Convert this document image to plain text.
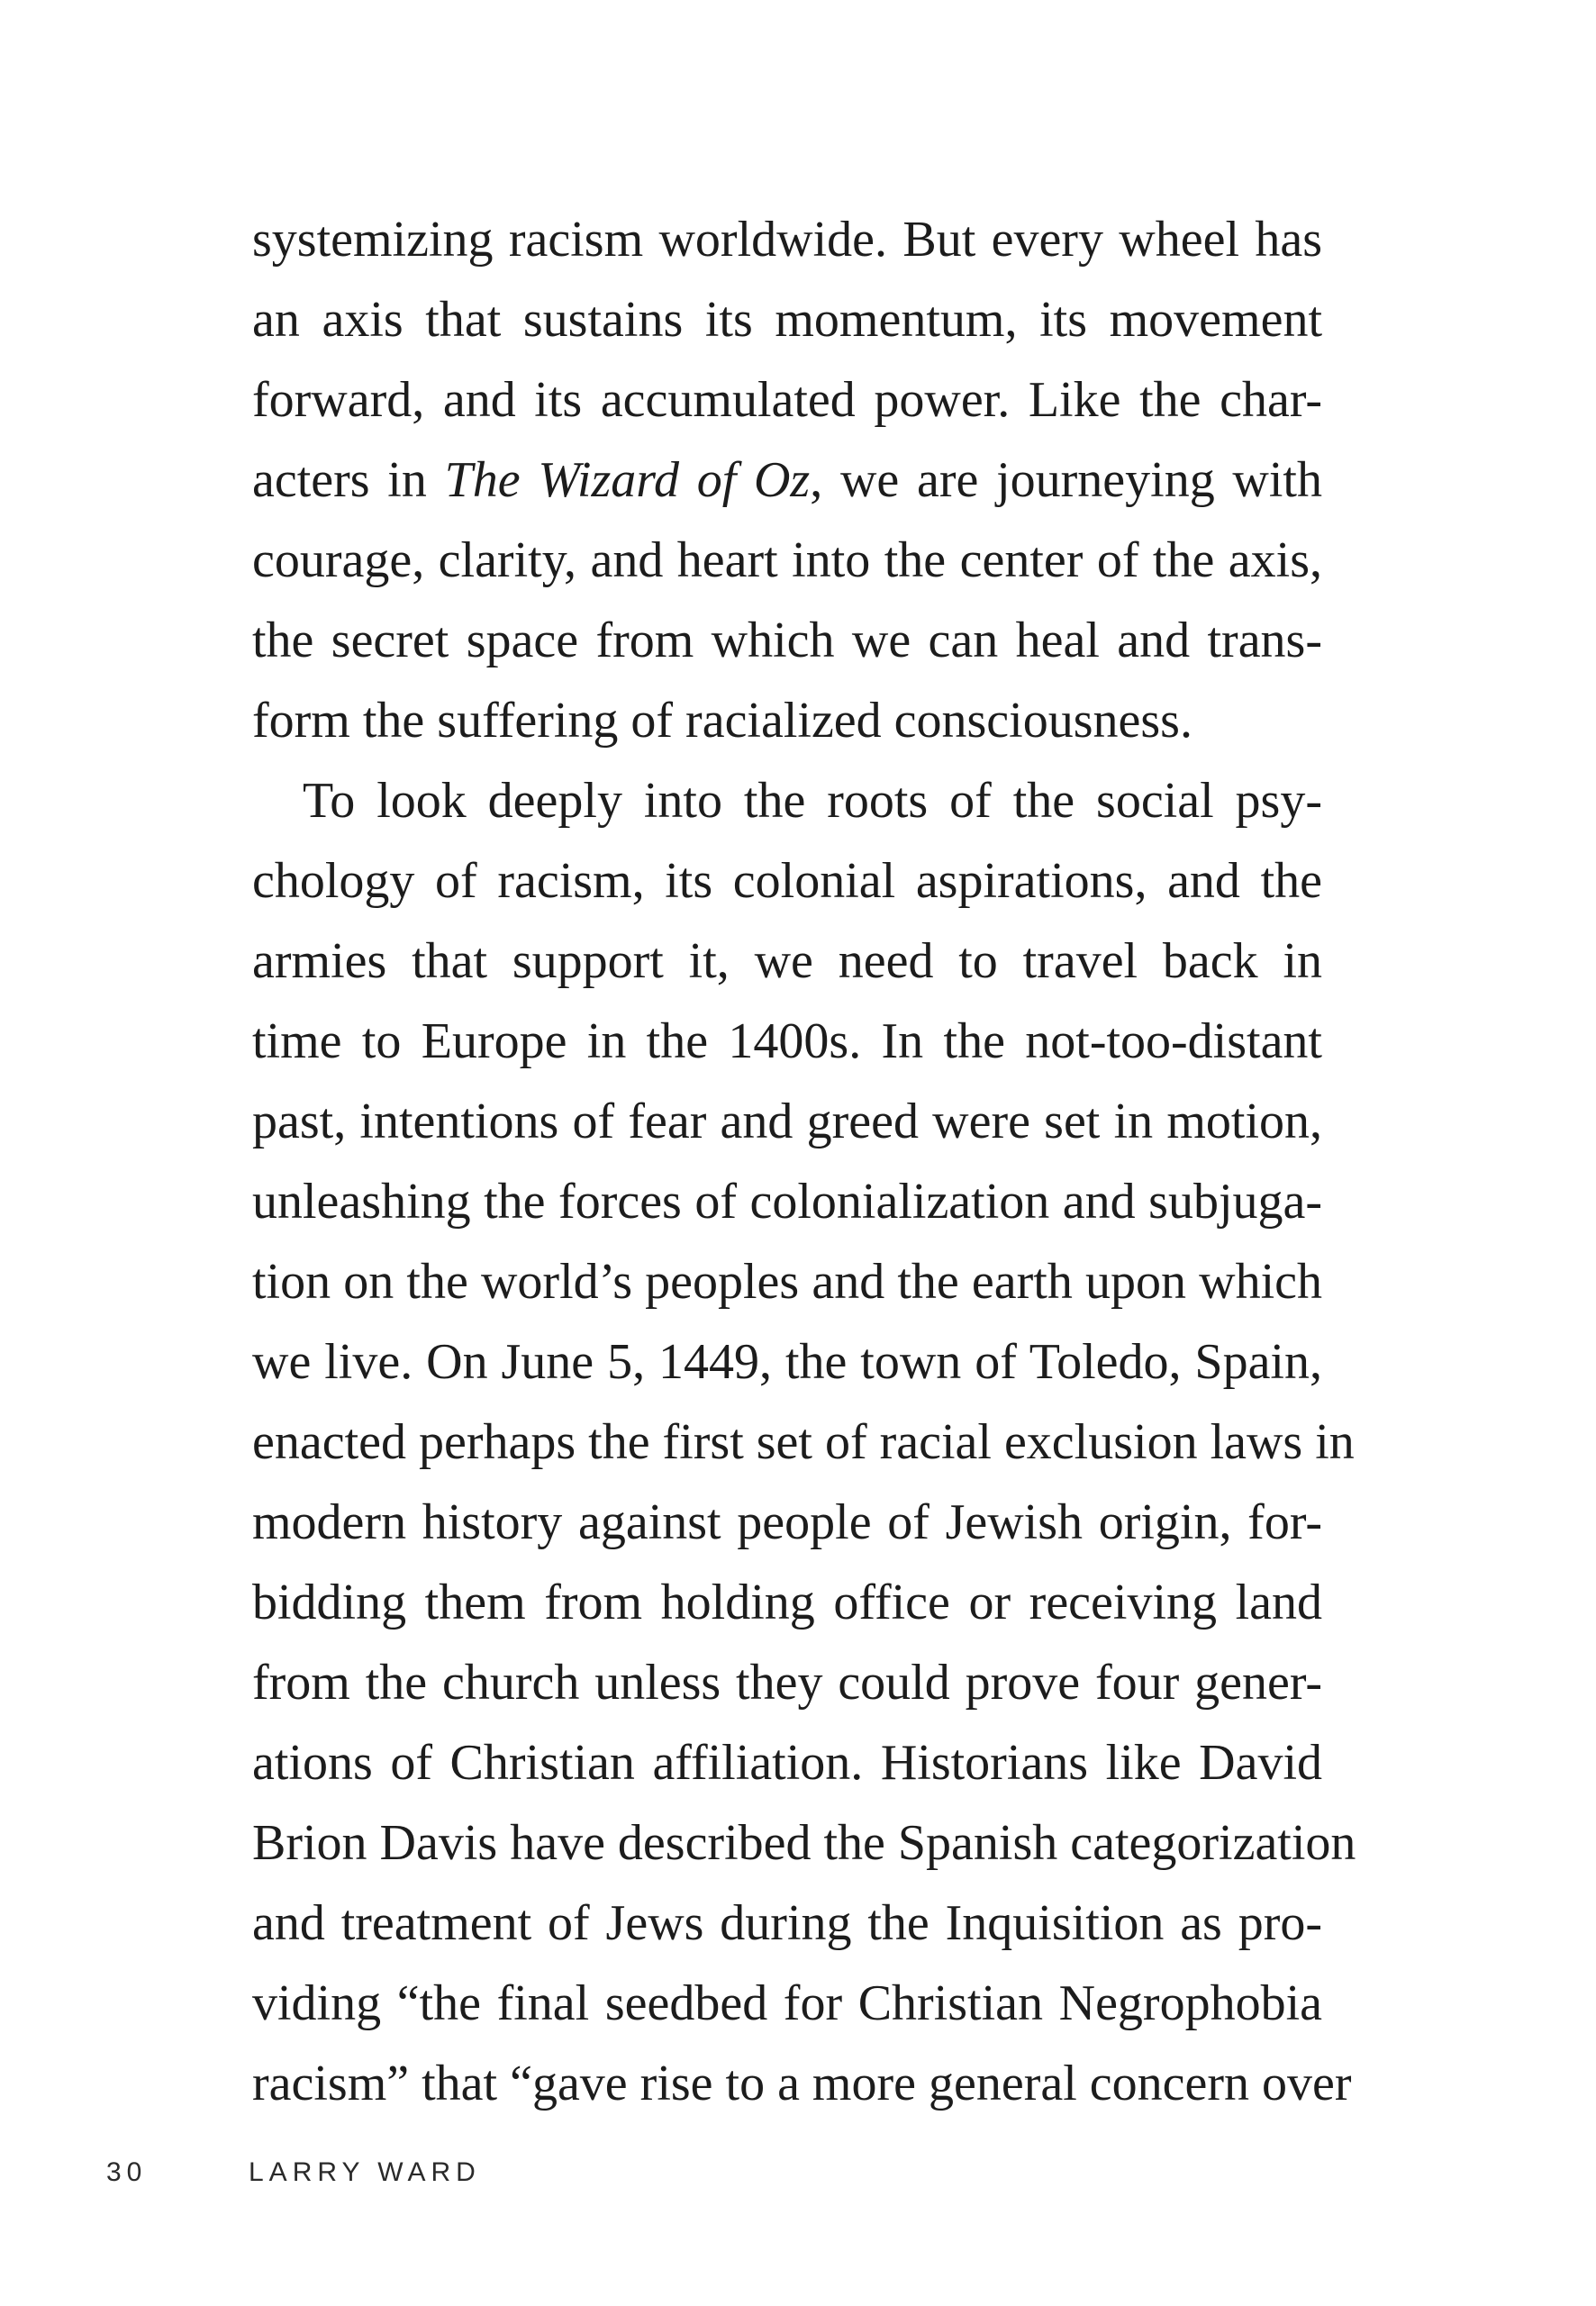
systemizing racism worldwide. But every wheel has
an axis that sustains its momentum, its movement
forward, and its accumulated power. Like the char-
acters in The Wizard of Oz, we are journeying with
courage, clarity, and heart into the center of the axis,
the secret space from which we can heal and trans-
form the suffering of racialized consciousness.
To look deeply into the roots of the social psy-
chology of racism, its colonial aspirations, and the
armies that support it, we need to travel back in
time to Europe in the 1400s. In the not-too-distant
past, intentions of fear and greed were set in motion,
unleashing the forces of colonialization and subjuga-
tion on the world’s peoples and the earth upon which
we live. On June 5, 1449, the town of Toledo, Spain,
enacted perhaps the first set of racial exclusion laws in
modern history against people of Jewish origin, for-
bidding them from holding office or receiving land
from the church unless they could prove four gener-
ations of Christian affiliation. Historians like David
Brion Davis have described the Spanish categorization
and treatment of Jews during the Inquisition as pro-
viding “the final seedbed for Christian Negrophobia
racism” that “gave rise to a more general concern over
30	LARRY WARD
